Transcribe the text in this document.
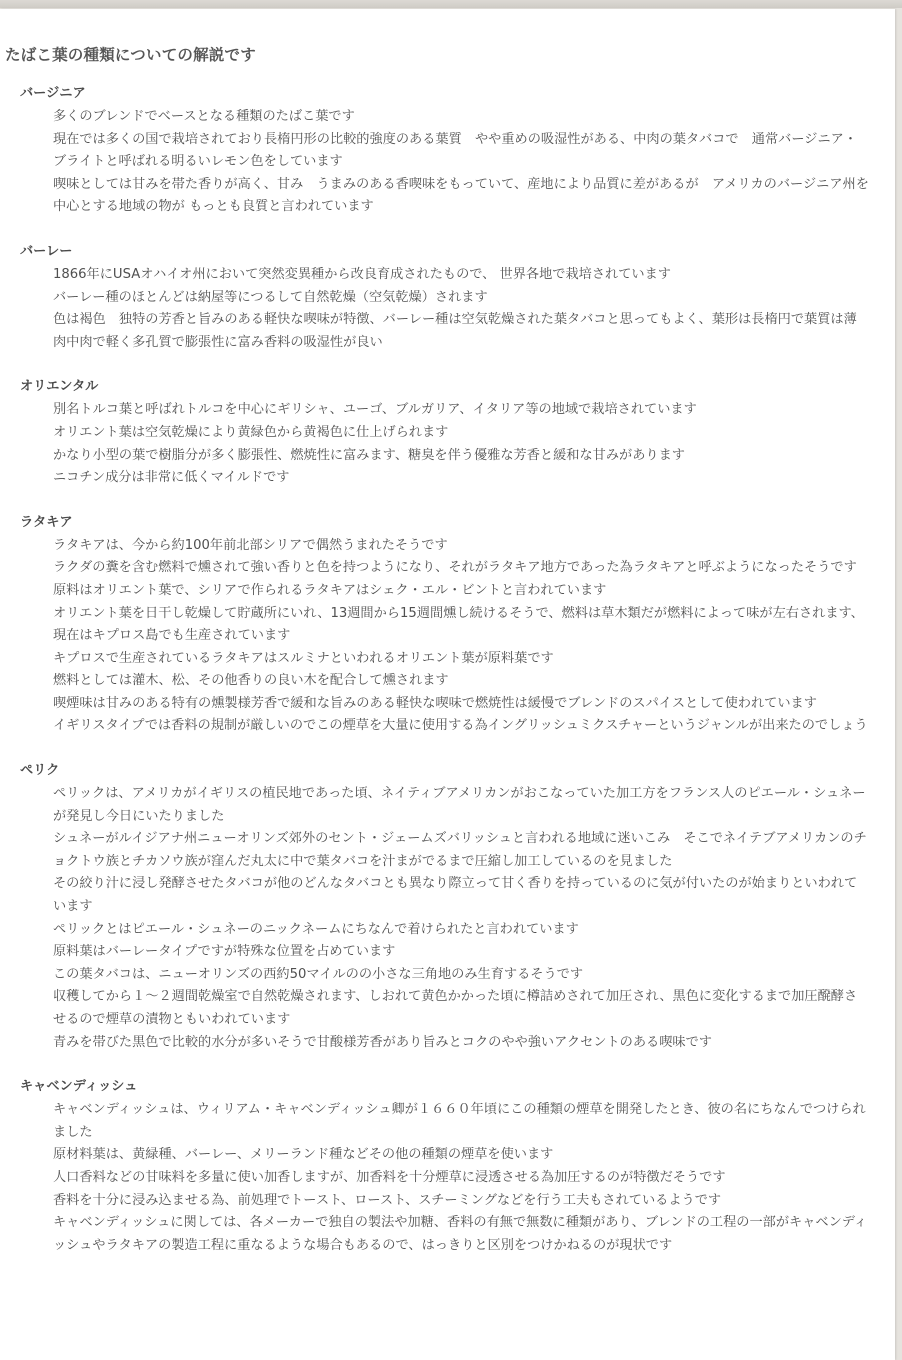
たばこ葉の種類についての解説です
バージニア
多くのブレンドでベースとなる種類のたばこ葉です
現在では多くの国で栽培されており長楕円形の比較的強度のある葉質　やや重めの吸湿性がある、中肉の葉タバコで　通常バージニア・ブライトと呼ばれる明るいレモン色をしています
喫味としては甘みを帯た香りが高く、甘み　うまみのある香喫味をもっていて、産地により品質に差があるが　アメリカのバージニア州を中心とする地域の物が もっとも良質と言われています
バーレー
1866年にUSAオハイオ州において突然変異種から改良育成されたもので、 世界各地で栽培されています
バーレー種のほとんどは納屋等につるして自然乾燥（空気乾燥）されます
色は褐色　独特の芳香と旨みのある軽快な喫味が特徴、バーレー種は空気乾燥された葉タバコと思ってもよく、葉形は長楕円で葉質は薄肉中肉で軽く多孔質で膨張性に富み香料の吸湿性が良い
オリエンタル
別名トルコ葉と呼ばれトルコを中心にギリシャ、ユーゴ、ブルガリア、イタリア等の地域で栽培されています
オリエント葉は空気乾燥により黄緑色から黄褐色に仕上げられます
かなり小型の葉で樹脂分が多く膨張性、燃焼性に富みます、糖臭を伴う優雅な芳香と緩和な甘みがあります
ニコチン成分は非常に低くマイルドです
ラタキア
ラタキアは、今から約100年前北部シリアで偶然うまれたそうです
ラクダの糞を含む燃料で燻されて強い香りと色を持つようになり、それがラタキア地方であった為ラタキアと呼ぶようになったそうです
原料はオリエント葉で、シリアで作られるラタキアはシェク・エル・ビントと言われています
オリエント葉を日干し乾燥して貯蔵所にいれ、13週間から15週間燻し続けるそうで、燃料は草木類だが燃料によって味が左右されます、現在はキプロス島でも生産されています
キプロスで生産されているラタキアはスルミナといわれるオリエント葉が原料葉です
燃料としては灌木、松、その他香りの良い木を配合して燻されます
喫煙味は甘みのある特有の燻製様芳香で緩和な旨みのある軽快な喫味で燃焼性は緩慢でブレンドのスパイスとして使われています
イギリスタイプでは香料の規制が厳しいのでこの煙草を大量に使用する為イングリッシュミクスチャーというジャンルが出来たのでしょう
ペリク
ペリックは、アメリカがイギリスの植民地であった頃、ネイティブアメリカンがおこなっていた加工方をフランス人のピエール・シュネーが発見し今日にいたりました
シュネーがルイジアナ州ニューオリンズ郊外のセント・ジェームズバリッシュと言われる地域に迷いこみ　そこでネイテブアメリカンのチョクトウ族とチカソウ族が窪んだ丸太に中で葉タバコを汁まがでるまで圧縮し加工しているのを見ました
その絞り汁に浸し発酵させたタバコが他のどんなタバコとも異なり際立って甘く香りを持っているのに気が付いたのが始まりといわれています
ペリックとはピエール・シュネーのニックネームにちなんで着けられたと言われています
原料葉はバーレータイプですが特殊な位置を占めています
この葉タバコは、ニューオリンズの西約50マイルのの小さな三角地のみ生育するそうです
収穫してから１～２週間乾燥室で自然乾燥されます、しおれて黄色かかった頃に樽詰めされて加圧され、黒色に変化するまで加圧醗酵させるので煙草の漬物ともいわれています
青みを帯びた黒色で比較的水分が多いそうで甘酸様芳香があり旨みとコクのやや強いアクセントのある喫味です
キャベンディッシュ
キャベンディッシュは、ウィリアム・キャベンディッシュ卿が１６６０年頃にこの種類の煙草を開発したとき、彼の名にちなんでつけられました
原材料葉は、黄緑種、バーレー、メリーランド種などその他の種類の煙草を使います
人口香料などの甘味料を多量に使い加香しますが、加香料を十分煙草に浸透させる為加圧するのが特徴だそうです
香料を十分に浸み込ませる為、前処理でトースト、ロースト、スチーミングなどを行う工夫もされているようです
キャベンディッシュに関しては、各メーカーで独自の製法や加糖、香料の有無で無数に種類があり、ブレンドの工程の一部がキャベンディッシュやラタキアの製造工程に重なるような場合もあるので、はっきりと区別をつけかねるのが現状です
